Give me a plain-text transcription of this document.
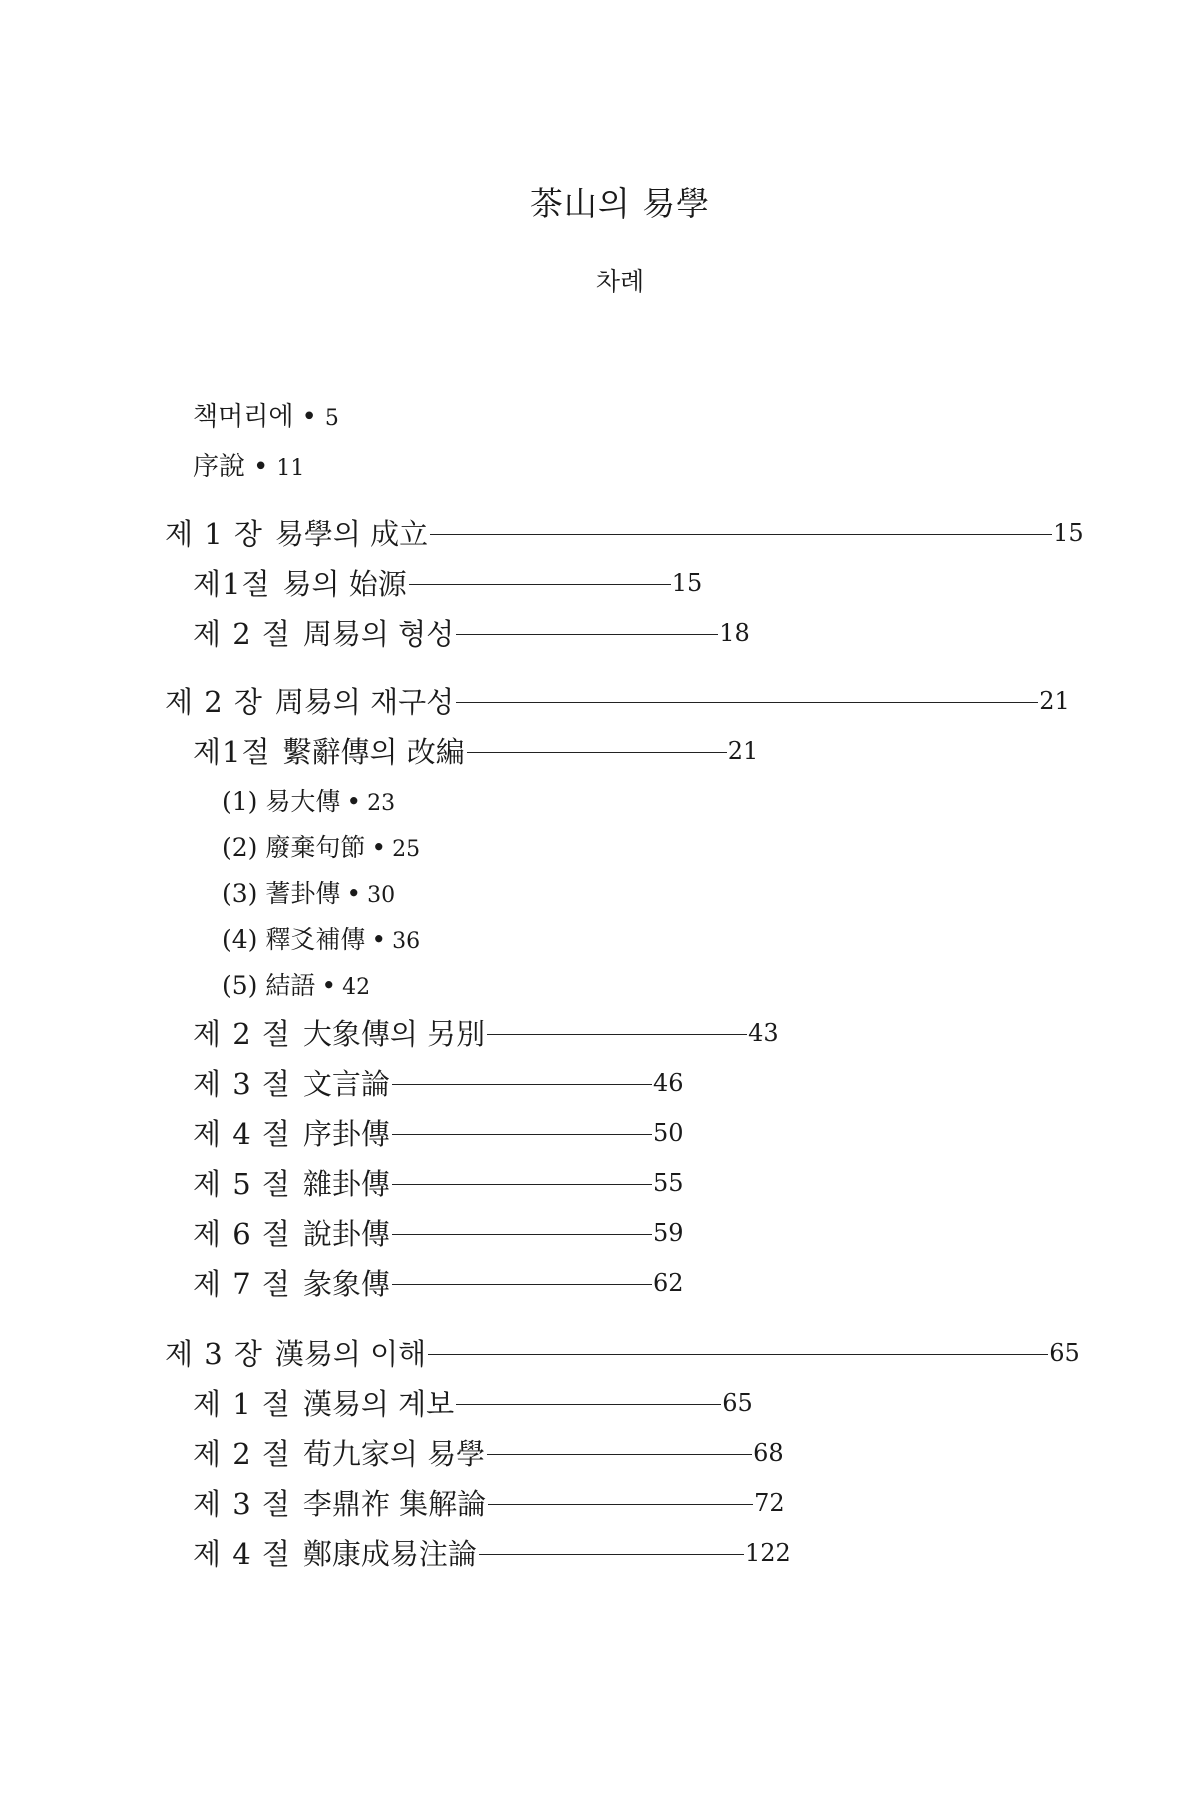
茶山의 易學
차례
책머리에 • 5
序說 • 11
제 1 장 易學의 成立	15
제1절 易의 始源	15
제 2 절 周易의 형성	18
제 2 장 周易의 재구성	21
제1절 繫辭傳의 改編	21
(1) 易大傳 • 23
(2) 廢棄句節 • 25
(3) 蓍卦傳 • 30
(4) 釋爻補傳 • 36
(5) 結語 • 42
제 2 절 大象傳의 另別	43
제 3 절 文言論	46
제 4 절 序卦傳	50
제 5 절 雜卦傳	55
제 6 절 說卦傳	59
제 7 절 彖象傳	62
제 3 장 漢易의 이해	65
제 1 절 漢易의 계보	65
제 2 절 荀九家의 易學	68
제 3 절 李鼎祚 集解論	72
제 4 절 鄭康成易注論	122
